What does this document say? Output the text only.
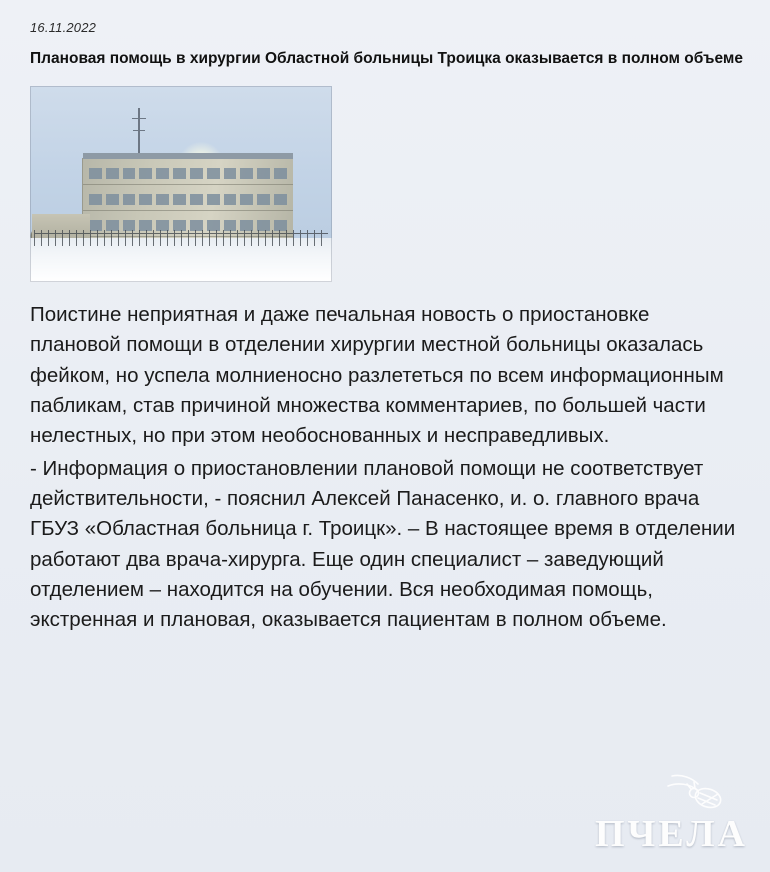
16.11.2022
Плановая помощь в хирургии Областной больницы Троицка оказывается в полном объеме

Поистине неприятная и даже печальная новость о приостановке плановой помощи в отделении хирургии местной больницы оказалась фейком, но успела молниеносно разлететься по всем информационным пабликам, став причиной множества комментариев, по большей части нелестных, но при этом необоснованных и несправедливых.

- Информация о приостановлении плановой помощи не соответствует действительности, - пояснил Алексей Панасенко, и. о. главного врача ГБУЗ «Областная больница г. Троицк». – В настоящее время в отделении работают два врача-хирурга. Еще один специалист – заведующий отделением – находится на обучении. Вся необходимая помощь, экстренная и плановая, оказывается пациентам в полном объеме.

ПЧЕЛА
